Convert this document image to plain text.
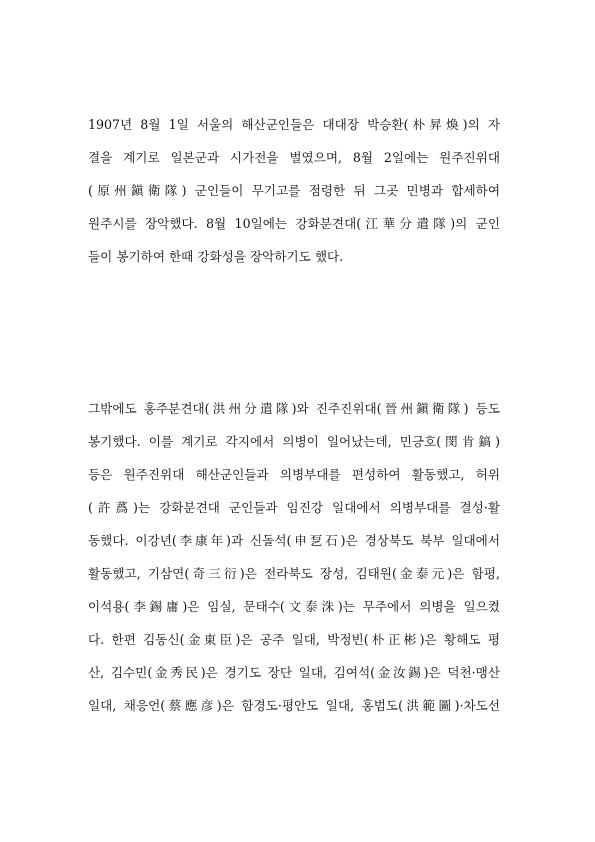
1907년 8월 1일 서울의 해산군인들은 대대장 박승환(朴昇煥)의 자
결을 계기로 일본군과 시가전을 벌였으며, 8월 2일에는 원주진위대
(原州鎭衛隊) 군인들이 무기고를 점령한 뒤 그곳 민병과 합세하여
원주시를 장악했다. 8월 10일에는 강화분견대(江華分遣隊)의 군인
들이 봉기하여 한때 강화성을 장악하기도 했다.
그밖에도 홍주분견대(洪州分遣隊)와 진주진위대(晉州鎭衛隊) 등도
봉기했다. 이를 계기로 각지에서 의병이 일어났는데, 민긍호(閔肯鎬)
등은 원주진위대 해산군인들과 의병부대를 편성하여 활동했고, 허위
(許蔿)는 강화분견대 군인들과 임진강 일대에서 의병부대를 결성·활
동했다. 이강년(李康年)과 신돌석(申乭石)은 경상북도 북부 일대에서
활동했고, 기삼연(奇三衍)은 전라북도 장성, 김태원(金泰元)은 함평,
이석용(李錫庸)은 임실, 문태수(文泰洙)는 무주에서 의병을 일으켰
다. 한편 김동신(金東臣)은 공주 일대, 박정빈(朴正彬)은 황해도 평
산, 김수민(金秀民)은 경기도 장단 일대, 김여석(金汝錫)은 덕천·맹산
일대, 채응언(蔡應彦)은 함경도·평안도 일대, 홍범도(洪範圖)·차도선
